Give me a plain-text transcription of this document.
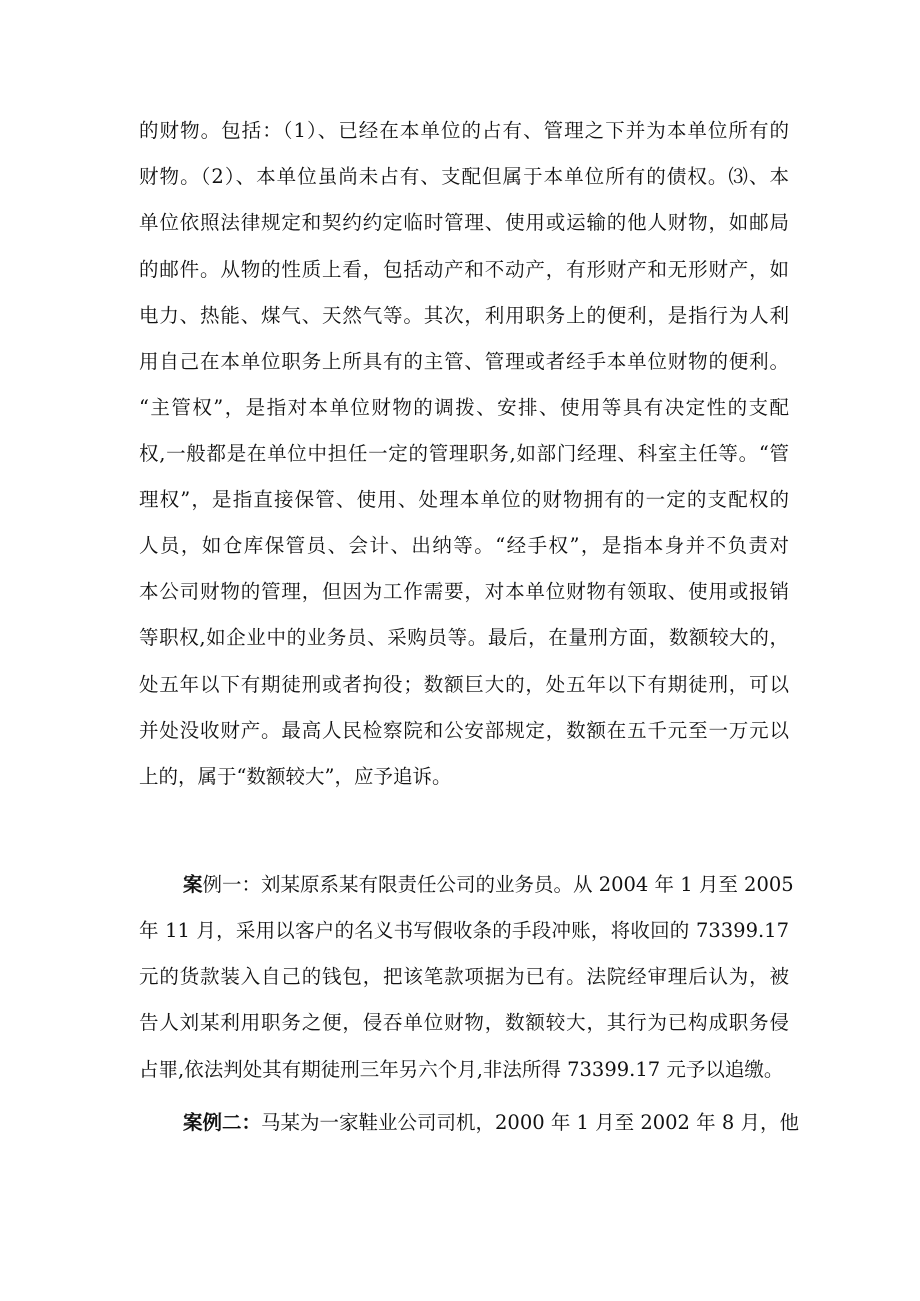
的财物。包括：（1）、已经在本单位的占有、管理之下并为本单位所有的
财物。（2）、本单位虽尚未占有、支配但属于本单位所有的债权。⑶、本
单位依照法律规定和契约约定临时管理、使用或运输的他人财物，如邮局
的邮件。从物的性质上看，包括动产和不动产，有形财产和无形财产，如
电力、热能、煤气、天然气等。其次，利用职务上的便利，是指行为人利
用自己在本单位职务上所具有的主管、管理或者经手本单位财物的便利。
“主管权”，是指对本单位财物的调拨、安排、使用等具有决定性的支配
权,一般都是在单位中担任一定的管理职务,如部门经理、科室主任等。“管
理权”，是指直接保管、使用、处理本单位的财物拥有的一定的支配权的
人员，如仓库保管员、会计、出纳等。“经手权”，是指本身并不负责对
本公司财物的管理，但因为工作需要，对本单位财物有领取、使用或报销
等职权,如企业中的业务员、采购员等。最后，在量刑方面，数额较大的，
处五年以下有期徒刑或者拘役；数额巨大的，处五年以下有期徒刑，可以
并处没收财产。最高人民检察院和公安部规定，数额在五千元至一万元以
上的，属于“数额较大”，应予追诉。
案例一：刘某原系某有限责任公司的业务员。从 2004 年 1 月至 2005
年 11 月，采用以客户的名义书写假收条的手段冲账，将收回的 73399.17
元的货款装入自己的钱包，把该笔款项据为已有。法院经审理后认为，被
告人刘某利用职务之便，侵吞单位财物，数额较大，其行为已构成职务侵
占罪,依法判处其有期徒刑三年另六个月,非法所得 73399.17 元予以追缴。
案例二：马某为一家鞋业公司司机，2000 年 1 月至 2002 年 8 月，他
